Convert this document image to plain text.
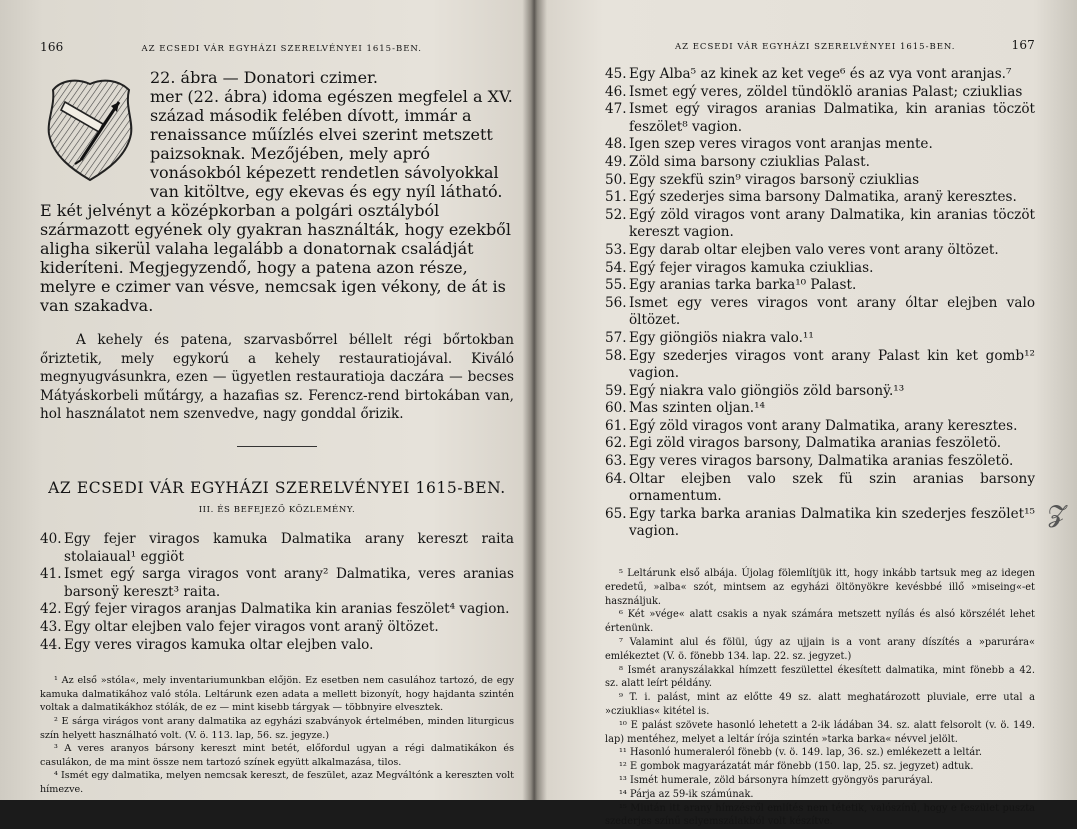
166	AZ ECSEDI VÁR EGYHÁZI SZERELVÉNYEI 1615-BEN.

22. ábra — Donatori czimer.
mer (22. ábra) idoma egészen megfelel a XV. század második felében dívott, immár a renaissance műízlés elvei szerint metszett paizsoknak. Mezőjében, mely apró vonásokból képezett rendetlen sávolyokkal van kitöltve, egy ekevas és egy nyíl látható. E két jelvényt a középkorban a polgári osztályból származott egyének oly gyakran használták, hogy ezekből aligha sikerül valaha legalább a donatornak családját kideríteni. Megjegyzendő, hogy a patena azon része, melyre e czimer van vésve, nemcsak igen vékony, de át is van szakadva.

A kehely és patena, szarvasbőrrel béllelt régi bőrtokban őriztetik, mely egykorú a kehely restauratiojával. Kiváló megnyugvásunkra, ezen — ügyetlen restauratioja daczára — becses Mátyáskorbeli műtárgy, a hazafias sz. Ferencz-rend birtokában van, hol használatot nem szenvedve, nagy gonddal őrizik.

AZ ECSEDI VÁR EGYHÁZI SZERELVÉNYEI 1615-BEN.
III. ÉS BEFEJEZŐ KÖZLEMÉNY.
40. Egy fejer viragos kamuka Dalmatika arany kereszt raita stolaiaual¹ eggiöt
41. Ismet egý sarga viragos vont arany² Dalmatika, veres aranias barsonÿ kereszt³ raita.
42. Egý fejer viragos aranjas Dalmatika kin aranias feszölet⁴ vagion.
43. Egy oltar elejben valo fejer viragos vont aranÿ öltözet.
44. Egy veres viragos kamuka oltar elejben valo.

¹ Az első »stóla«, mely inventariumunkban előjön. Ez esetben nem casulához tartozó, de egy kamuka dalmatikához való stóla. Leltárunk ezen adata a mellett bizonyít, hogy hajdanta szintén voltak a dalmatikákhoz stólák, de ez — mint kisebb tárgyak — többnyire elvesztek.

² E sárga virágos vont arany dalmatika az egyházi szabványok értelmében, minden liturgicus szín helyett használható volt. (V. ö. 113. lap, 56. sz. jegyze.)

³ A veres aranyos bársony kereszt mint betét, előfordul ugyan a régi dalmatikákon és casulákon, de ma mint össze nem tartozó színek együtt alkalmazása, tilos.

⁴ Ismét egy dalmatika, melyen nemcsak kereszt, de feszület, azaz Megváltónk a kereszten volt hímezve.

AZ ECSEDI VÁR EGYHÁZI SZERELVÉNYEI 1615-BEN.	167
45. Egy Alba⁵ az kinek az ket vege⁶ és az vya vont aranjas.⁷
46. Ismet egý veres, zöldel tündöklö aranias Palast; cziuklias
47. Ismet egý viragos aranias Dalmatika, kin aranias töczöt feszölet⁸ vagion.
48. Igen szep veres viragos vont aranjas mente.
49. Zöld sima barsony cziuklias Palast.
50. Egy szekfü szin⁹ viragos barsonÿ cziuklias
51. Egý szederjes sima barsony Dalmatika, aranÿ keresztes.
52. Egý zöld viragos vont arany Dalmatika, kin aranias töczöt kereszt vagion.
53. Egy darab oltar elejben valo veres vont arany öltözet.
54. Egý fejer viragos kamuka cziuklias.
55. Egy aranias tarka barka¹⁰ Palast.
56. Ismet egy veres viragos vont arany óltar elejben valo öltözet.
57. Egy giöngiös niakra valo.¹¹
58. Egy szederjes viragos vont arany Palast kin ket gomb¹² vagion.
59. Egý niakra valo giöngiös zöld barsonÿ.¹³
60. Mas szinten oljan.¹⁴
61. Egý zöld viragos vont arany Dalmatika, arany keresztes.
62. Egi zöld viragos barsony, Dalmatika aranias feszöletö.
63. Egy veres viragos barsony, Dalmatika aranias feszöletö.
64. Oltar elejben valo szek fü szin aranias barsony ornamentum.
65. Egy tarka barka aranias Dalmatika kin szederjes feszölet¹⁵ vagion.

⁵ Leltárunk első albája. Újolag fölemlítjük itt, hogy inkább tartsuk meg az idegen eredetű, »alba« szót, mintsem az egyházi öltönyökre kevésbbé illő »miseing«-et használjuk.

⁶ Két »vége« alatt csakis a nyak számára metszett nyílás és alsó körszélét lehet értenünk.

⁷ Valamint alul és fölül, úgy az ujjain is a vont arany díszítés a »parurára« emlékeztet (V. ö. fönebb 134. lap. 22. sz. jegyzet.)

⁸ Ismét aranyszálakkal hímzett feszülettel ékesített dalmatika, mint fönebb a 42. sz. alatt leírt példány.

⁹ T. i. palást, mint az előtte 49 sz. alatt meghatározott pluviale, erre utal a »cziuklias« kitétel is.

¹⁰ E palást szövete hasonló lehetett a 2-ik ládában 34. sz. alatt felsorolt (v. ö. 149. lap) mentéhez, melyet a leltár írója szintén »tarka barka« névvel jelölt.

¹¹ Hasonló humeraleról fönebb (v. ö. 149. lap, 36. sz.) emlékezett a leltár.

¹² E gombok magyarázatát már fönebb (150. lap, 25. sz. jegyzet) adtuk.

¹³ Ismét humerale, zöld bársonyra hímzett gyöngyös paruráyal.

¹⁴ Párja az 59-ik számúnak.

¹⁵ Miután itt arany hímzésről említés nem tétetik, valószínű, hogy e feszület puszta szederjes színű selyemszálakból volt készítve.

𝓩
